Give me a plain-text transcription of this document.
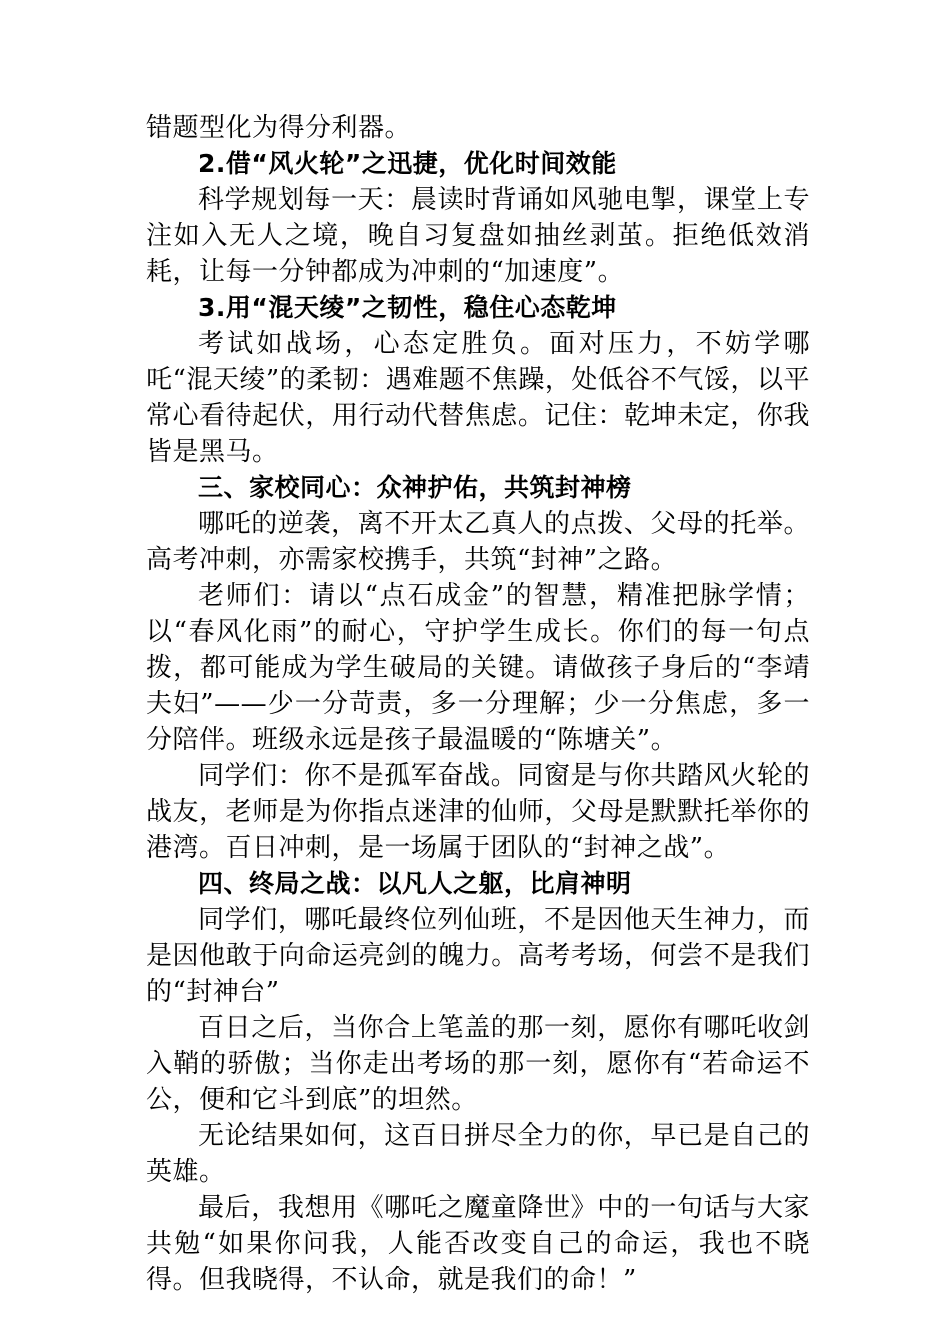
错题型化为得分利器。

2.借“风火轮”之迅捷，优化时间效能

科学规划每一天：晨读时背诵如风驰电掣，课堂上专注如入无人之境，晚自习复盘如抽丝剥茧。拒绝低效消耗，让每一分钟都成为冲刺的“加速度”。

3.用“混天绫”之韧性，稳住心态乾坤

考试如战场，心态定胜负。面对压力，不妨学哪吒“混天绫”的柔韧：遇难题不焦躁，处低谷不气馁，以平常心看待起伏，用行动代替焦虑。记住：乾坤未定，你我皆是黑马。

三、家校同心：众神护佑，共筑封神榜

哪吒的逆袭，离不开太乙真人的点拨、父母的托举。高考冲刺，亦需家校携手，共筑“封神”之路。

老师们：请以“点石成金”的智慧，精准把脉学情；以“春风化雨”的耐心，守护学生成长。你们的每一句点拨，都可能成为学生破局的关键。请做孩子身后的“李靖夫妇”——少一分苛责，多一分理解；少一分焦虑，多一分陪伴。班级永远是孩子最温暖的“陈塘关”。

同学们：你不是孤军奋战。同窗是与你共踏风火轮的战友，老师是为你指点迷津的仙师，父母是默默托举你的港湾。百日冲刺，是一场属于团队的“封神之战”。

四、终局之战：以凡人之躯，比肩神明

同学们，哪吒最终位列仙班，不是因他天生神力，而是因他敢于向命运亮剑的魄力。高考考场，何尝不是我们的“封神台”

百日之后，当你合上笔盖的那一刻，愿你有哪吒收剑入鞘的骄傲；当你走出考场的那一刻，愿你有“若命运不公，便和它斗到底”的坦然。

无论结果如何，这百日拼尽全力的你，早已是自己的英雄。

最后，我想用《哪吒之魔童降世》中的一句话与大家共勉“如果你问我，人能否改变自己的命运，我也不晓得。但我晓得，不认命，就是我们的命！”
